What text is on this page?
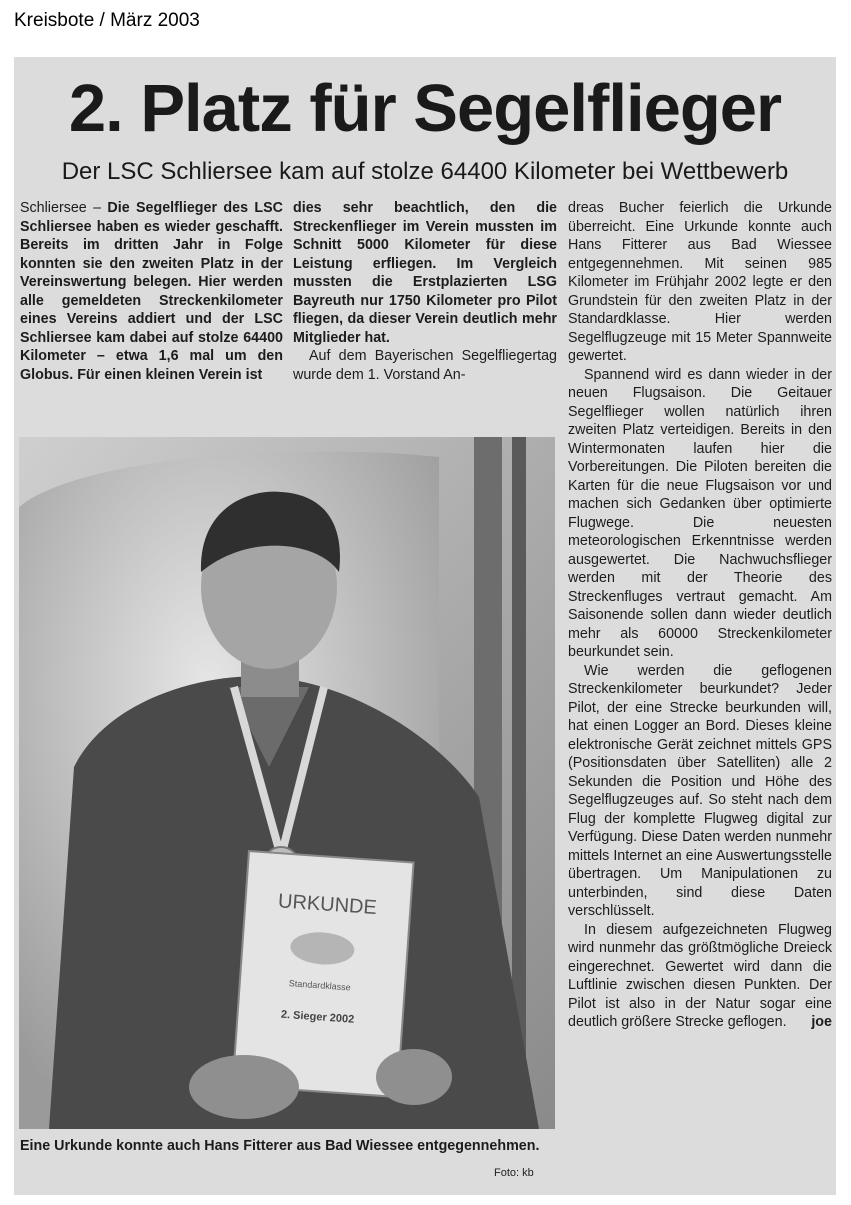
Kreisbote / März 2003
2. Platz für Segelflieger
Der LSC Schliersee kam auf stolze 64400 Kilometer bei Wettbewerb

Schliersee – Die Segelflieger des LSC Schliersee haben es wieder geschafft. Bereits im dritten Jahr in Folge konnten sie den zweiten Platz in der Vereinswertung belegen. Hier werden alle gemeldeten Streckenkilometer eines Vereins addiert und der LSC Schliersee kam dabei auf stolze 64400 Kilometer – etwa 1,6 mal um den Globus. Für einen kleinen Verein ist

dies sehr beachtlich, den die Streckenflieger im Verein mussten im Schnitt 5000 Kilometer für diese Leistung erfliegen. Im Vergleich mussten die Erstplazierten LSG Bayreuth nur 1750 Kilometer pro Pilot fliegen, da dieser Verein deutlich mehr Mitglieder hat.

Auf dem Bayerischen Segelfliegertag wurde dem 1. Vorstand An-

dreas Bucher feierlich die Urkunde überreicht. Eine Urkunde konnte auch Hans Fitterer aus Bad Wiessee entgegennehmen. Mit seinen 985 Kilometer im Frühjahr 2002 legte er den Grundstein für den zweiten Platz in der Standardklasse. Hier werden Segelflugzeuge mit 15 Meter Spannweite gewertet.

Spannend wird es dann wieder in der neuen Flugsaison. Die Geitauer Segelflieger wollen natürlich ihren zweiten Platz verteidigen. Bereits in den Wintermonaten laufen hier die Vorbereitungen. Die Piloten bereiten die Karten für die neue Flugsaison vor und machen sich Gedanken über optimierte Flugwege. Die neuesten meteorologischen Erkenntnisse werden ausgewertet. Die Nachwuchsflieger werden mit der Theorie des Streckenfluges vertraut gemacht. Am Saisonende sollen dann wieder deutlich mehr als 60000 Streckenkilometer beurkundet sein.

Wie werden die geflogenen Streckenkilometer beurkundet? Jeder Pilot, der eine Strecke beurkunden will, hat einen Logger an Bord. Dieses kleine elektronische Gerät zeichnet mittels GPS (Positionsdaten über Satelliten) alle 2 Sekunden die Position und Höhe des Segelflugzeuges auf. So steht nach dem Flug der komplette Flugweg digital zur Verfügung. Diese Daten werden nunmehr mittels Internet an eine Auswertungsstelle übertragen. Um Manipulationen zu unterbinden, sind diese Daten verschlüsselt.

In diesem aufgezeichneten Flugweg wird nunmehr das größtmögliche Dreieck eingerechnet. Gewertet wird dann die Luftlinie zwischen diesen Punkten. Der Pilot ist also in der Natur sogar eine deutlich größere Strecke geflogen.	joe

URKUNDE
Standardklasse
2. Sieger 2002
Eine Urkunde konnte auch Hans Fitterer aus Bad Wiessee entgegennehmen.
Foto: kb
